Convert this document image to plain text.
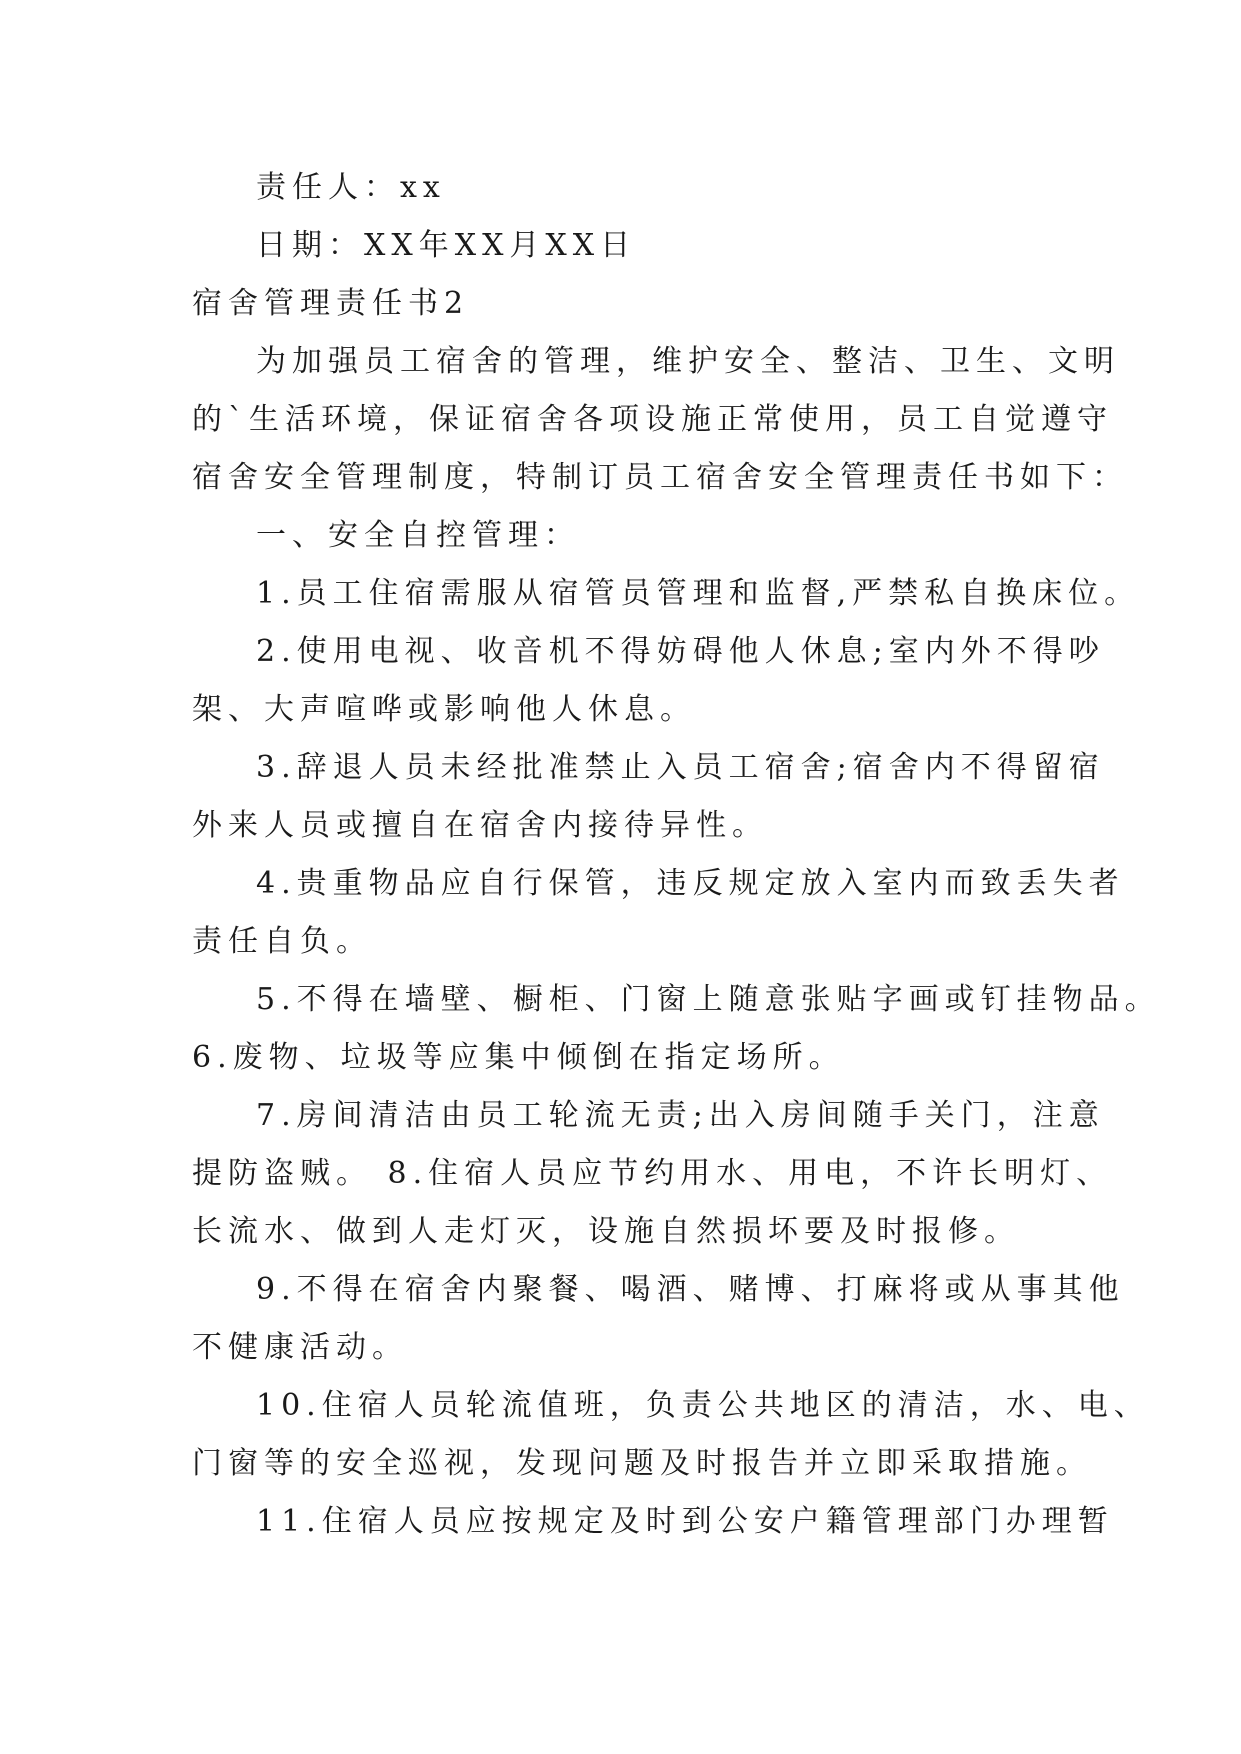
责任人：xx
日期：XX年XX月XX日
宿舍管理责任书2
为加强员工宿舍的管理，维护安全、整洁、卫生、文明
的`生活环境，保证宿舍各项设施正常使用，员工自觉遵守
宿舍安全管理制度，特制订员工宿舍安全管理责任书如下：
一、安全自控管理：
1.员工住宿需服从宿管员管理和监督,严禁私自换床位。
2.使用电视、收音机不得妨碍他人休息;室内外不得吵
架、大声喧哗或影响他人休息。
3.辞退人员未经批准禁止入员工宿舍;宿舍内不得留宿
外来人员或擅自在宿舍内接待异性。
4.贵重物品应自行保管，违反规定放入室内而致丢失者
责任自负。
5.不得在墙壁、橱柜、门窗上随意张贴字画或钉挂物品。
6.废物、垃圾等应集中倾倒在指定场所。
7.房间清洁由员工轮流无责;出入房间随手关门，注意
提防盗贼。 8.住宿人员应节约用水、用电，不许长明灯、
长流水、做到人走灯灭，设施自然损坏要及时报修。
9.不得在宿舍内聚餐、喝酒、赌博、打麻将或从事其他
不健康活动。
10.住宿人员轮流值班，负责公共地区的清洁，水、电、
门窗等的安全巡视，发现问题及时报告并立即采取措施。
11.住宿人员应按规定及时到公安户籍管理部门办理暂
